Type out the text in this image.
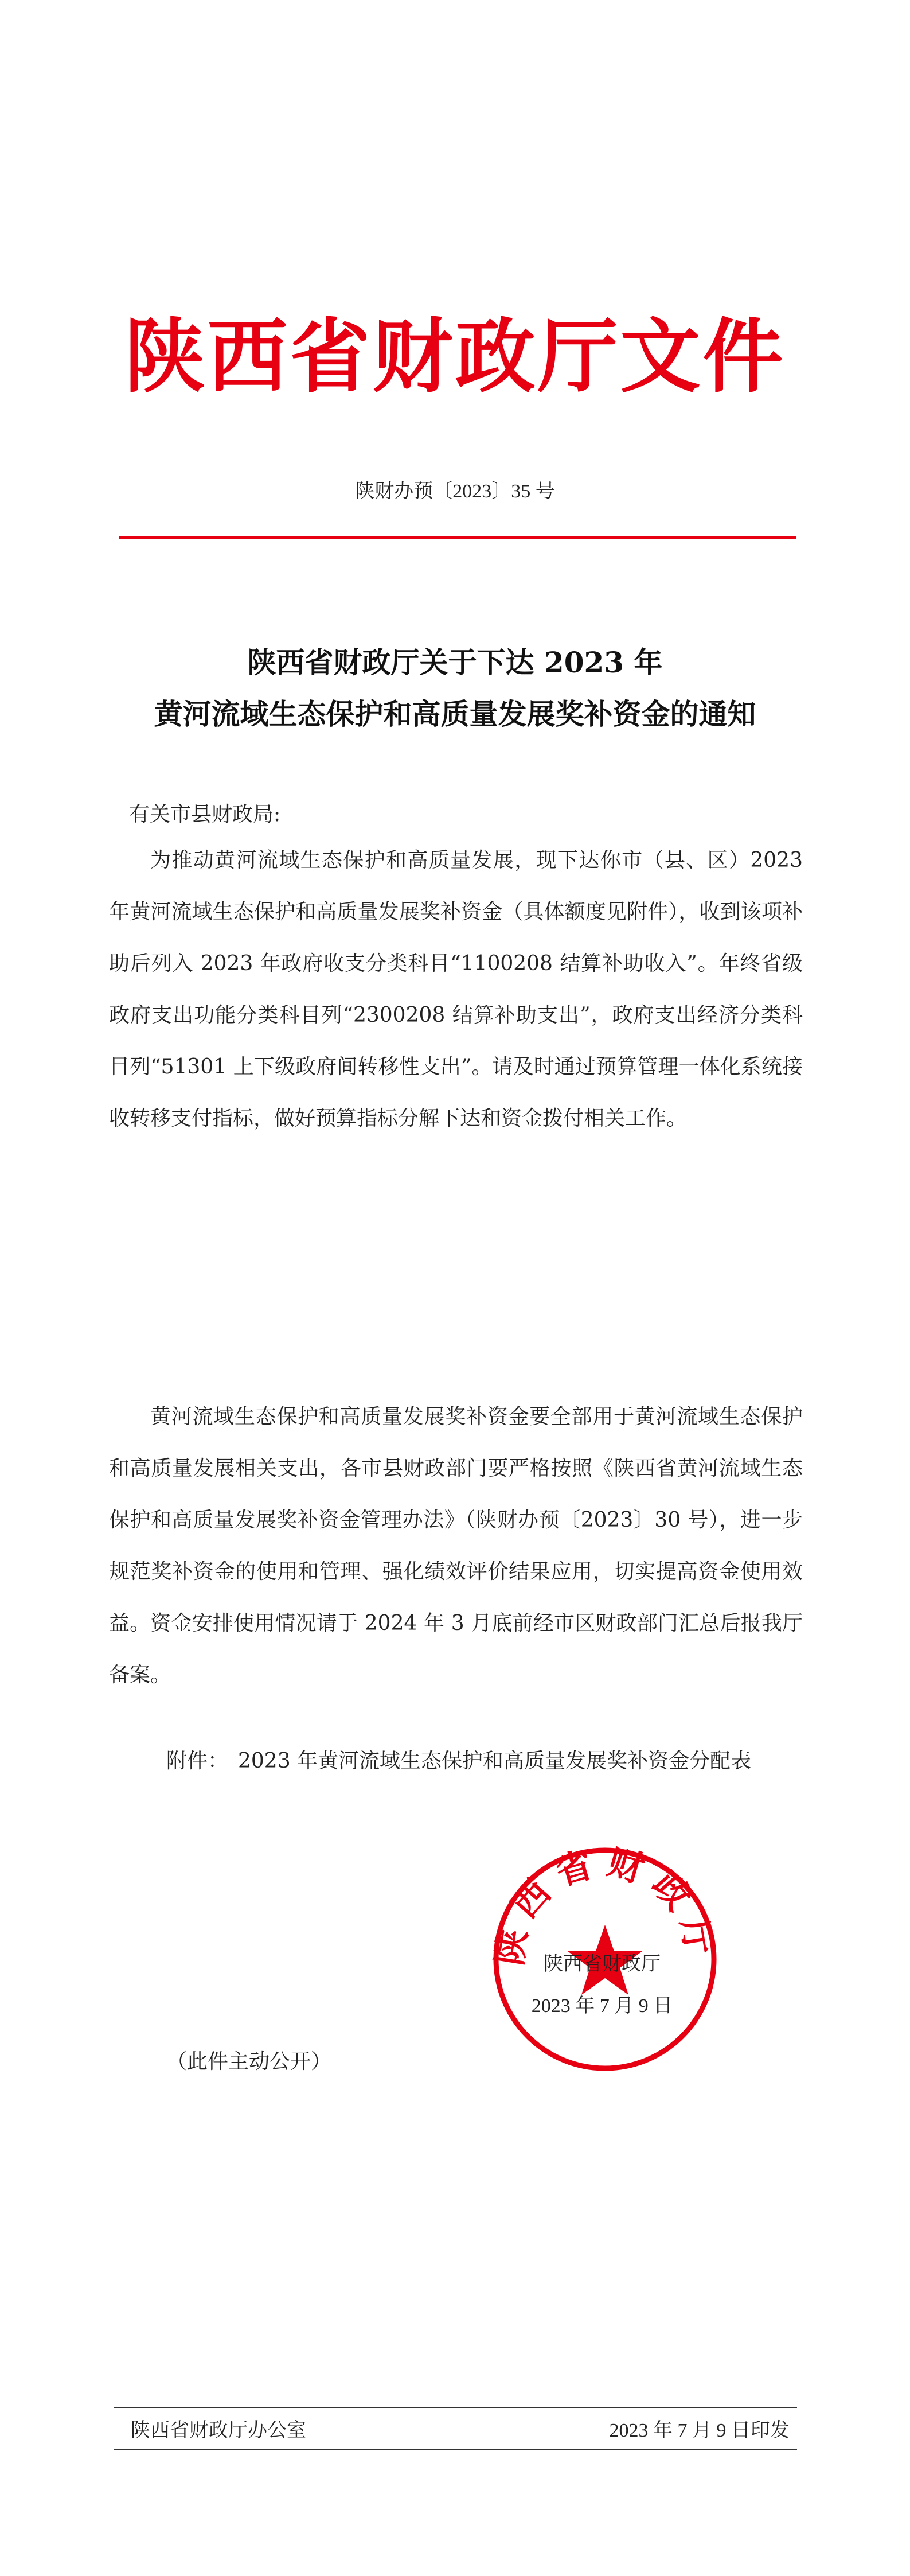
陕西省财政厅文件
陕财办预〔2023〕35 号
陕西省财政厅关于下达 2023 年
黄河流域生态保护和高质量发展奖补资金的通知
有关市县财政局:
为推动黄河流域生态保护和高质量发展，现下达你市（县、区）2023 年黄河流域生态保护和高质量发展奖补资金（具体额度见附件），收到该项补助后列入 2023 年政府收支分类科目“1100208 结算补助收入”。年终省级政府支出功能分类科目列“2300208 结算补助支出”，政府支出经济分类科目列“51301 上下级政府间转移性支出”。请及时通过预算管理一体化系统接收转移支付指标，做好预算指标分解下达和资金拨付相关工作。
黄河流域生态保护和高质量发展奖补资金要全部用于黄河流域生态保护和高质量发展相关支出，各市县财政部门要严格按照《陕西省黄河流域生态保护和高质量发展奖补资金管理办法》（陕财办预〔2023〕30 号），进一步规范奖补资金的使用和管理、强化绩效评价结果应用，切实提高资金使用效益。资金安排使用情况请于 2024 年 3 月底前经市区财政部门汇总后报我厅备案。
附件： 2023 年黄河流域生态保护和高质量发展奖补资金分配表
陕西省财政厅
陕西省财政厅
2023 年 7 月 9 日
（此件主动公开）
陕西省财政厅办公室	2023 年 7 月 9 日印发
